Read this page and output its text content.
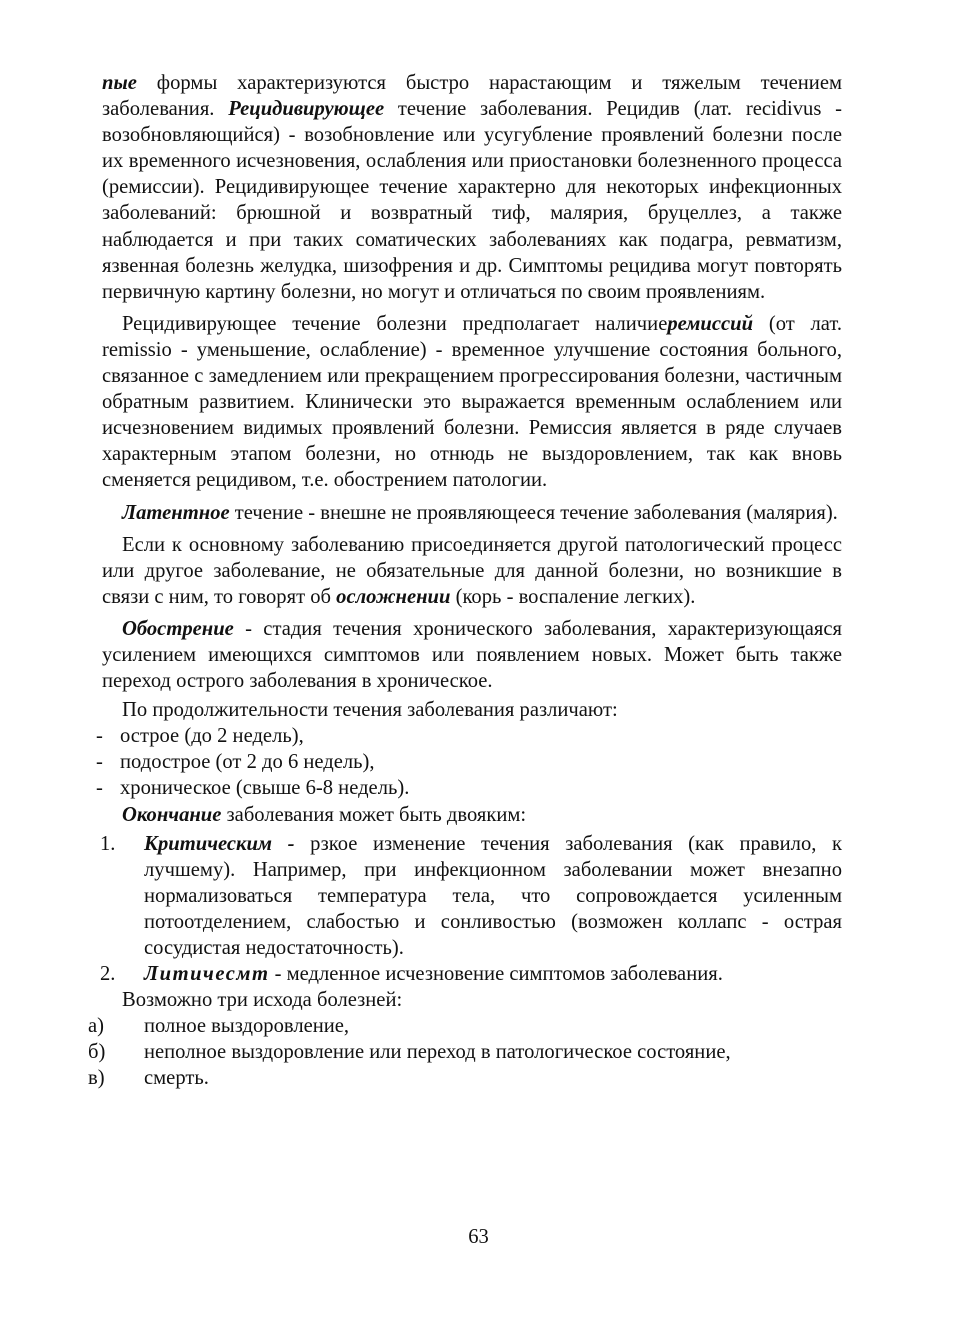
пые формы характеризуются быстро нарастающим и тяжелым течением заболевания. Рецидивирующее течение заболевания. Рецидив (лат. recidivus - возобновляющийся) - возобновление или усугубление проявлений болезни после их временного исчезновения, ослабления или приостановки болезненного процесса (ремиссии). Рецидивирующее течение характерно для некоторых инфекционных заболеваний: брюшной и возвратный тиф, малярия, бруцеллез, а также наблюдается и при таких соматических заболеваниях как подагра, ревматизм, язвенная болезнь желудка, шизофрения и др. Симптомы рецидива могут повторять первичную картину болезни, но могут и отличаться по своим проявлениям.

Рецидивирующее течение болезни предполагает наличиеремиссий (от лат. remissio - уменьшение, ослабление) - временное улучшение состояния больного, связанное с замедлением или прекращением прогрессирования болезни, частичным обратным развитием. Клинически это выражается временным ослаблением или исчезновением видимых проявлений болезни. Ремиссия является в ряде случаев характерным этапом болезни, но отнюдь не выздоровлением, так как вновь сменяется рецидивом, т.е. обострением патологии.

Латентное течение - внешне не проявляющееся течение заболевания (малярия).

Если к основному заболеванию присоединяется другой патологический процесс или другое заболевание, не обязательные для данной болезни, но возникшие в связи с ним, то говорят об осложнении (корь - воспаление легких).

Обострение - стадия течения хронического заболевания, характеризующаяся усилением имеющихся симптомов или появлением новых. Может быть также переход острого заболевания в хроническое.

По продолжительности течения заболевания различают:

- острое (до 2 недель),
- подострое (от 2 до 6 недель),
- хроническое (свыше 6-8 недель).

Окончание заболевания может быть двояким:

1. Критическим - рзкое изменение течения заболевания (как правило, к лучшему). Например, при инфекционном заболевании может внезапно нормализоваться температура тела, что сопровождается усиленным потоотделением, слабостью и сонливостью (возможен коллапс - острая сосудистая недостаточность).
2. Литичесмт - медленное исчезновение симптомов заболевания.

Возможно три исхода болезней:

а) полное выздоровление,
б) неполное выздоровление или переход в патологическое состояние,
в) смерть.
63
